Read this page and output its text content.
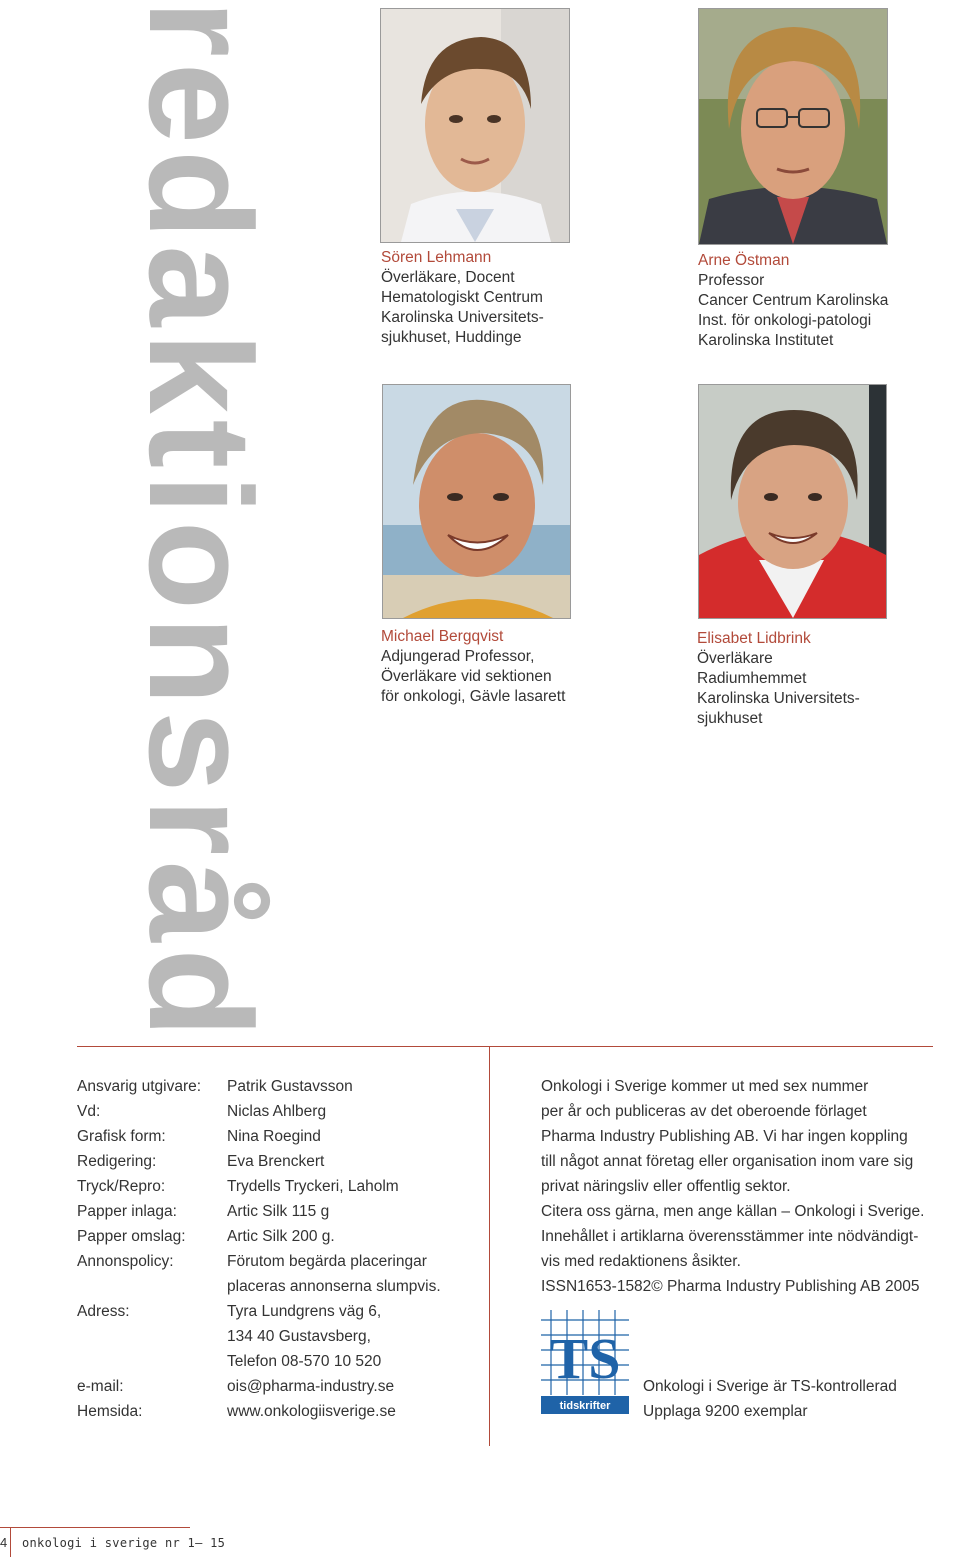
redaktionsråd	Sören Lehmann
Överläkare, Docent
Hematologiskt Centrum
Karolinska Universitets-
sjukhuset, Huddinge
Arne Östman
Professor
Cancer Centrum Karolinska
Inst. för onkologi-patologi
Karolinska Institutet
Michael Bergqvist
Adjungerad Professor,
Överläkare vid sektionen
för onkologi, Gävle lasarett
Elisabet Lidbrink
Överläkare
Radiumhemmet
Karolinska Universitets-
sjukhuset
Ansvarig utgivare:	Patrik Gustavsson
Vd:	Niclas Ahlberg
Grafisk form:	Nina Roegind
Redigering:	Eva Brenckert
Tryck/Repro:	Trydells Tryckeri, Laholm
Papper inlaga:	Artic Silk 115 g
Papper omslag:	Artic Silk 200 g.
Annonspolicy:	Förutom begärda placeringar
placeras annonserna slumpvis.
Adress:	Tyra Lundgrens väg 6,
134 40 Gustavsberg,
Telefon 08-570 10 520
e-mail:	ois@pharma-industry.se
Hemsida:	www.onkologiisverige.se
Onkologi i Sverige kommer ut med sex nummer
per år och publiceras av det oberoende förlaget
Pharma Industry Publishing AB. Vi har ingen koppling
till något annat företag eller organisation inom vare sig
privat näringsliv eller offentlig sektor.
Citera oss gärna, men ange källan – Onkologi i Sverige.
Innehållet i artiklarna överensstämmer inte nödvändigt-
vis med redaktionens åsikter.
ISSN1653-1582© Pharma Industry Publishing AB 2005
TS
tidskrifter
Onkologi i Sverige är TS-kontrollerad
Upplaga 9200 exemplar
4 onkologi i sverige nr 1– 15
